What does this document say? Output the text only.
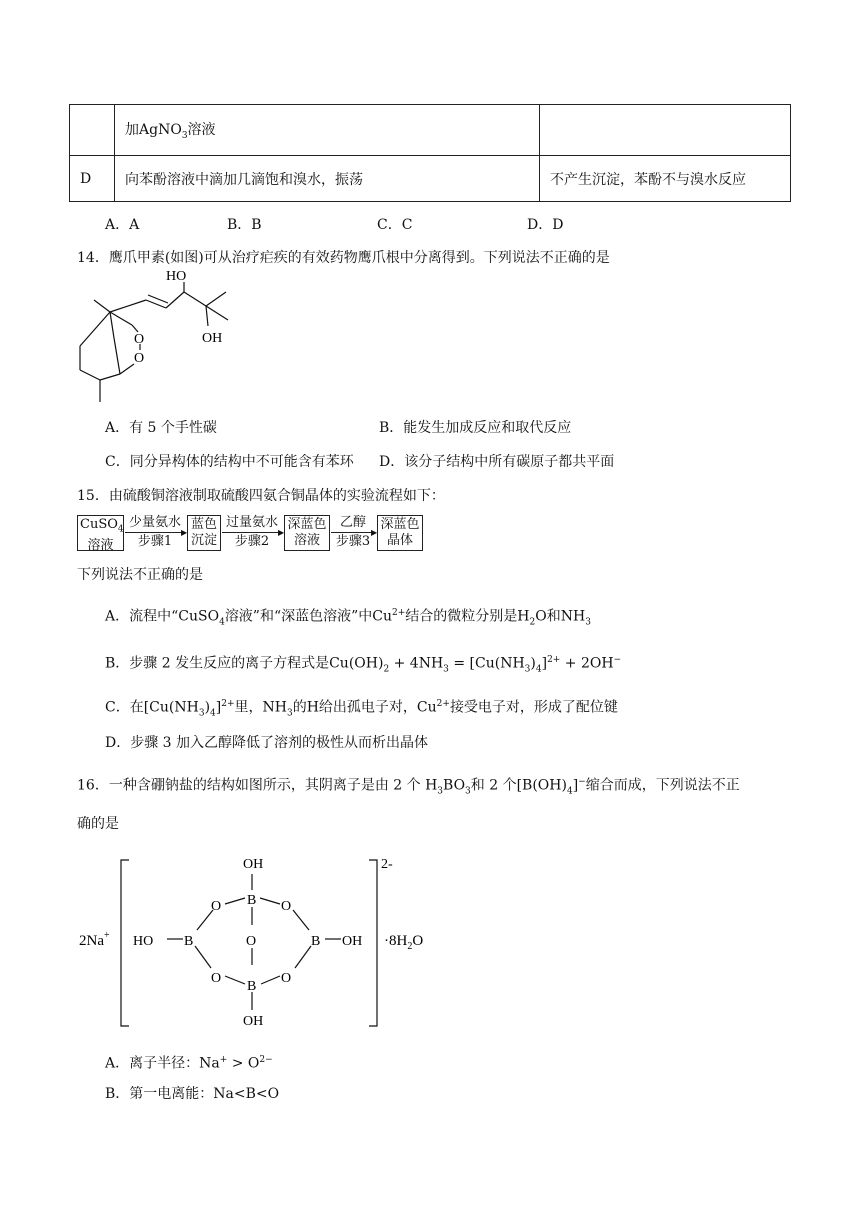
	加AgNO$_3$溶液	
D	向苯酚溶液中滴加几滴饱和溴水，振荡	不产生沉淀，苯酚不与溴水反应
A．A	B．B	C．C	D．D
14．鹰爪甲素(如图)可从治疗疟疾的有效药物鹰爪根中分离得到。下列说法不正确的是
HO
O
O
OH
A．有 5 个手性碳	B．能发生加成反应和取代反应
C．同分异构体的结构中不可能含有苯环 D．该分子结构中所有碳原子都共平面
15．由硫酸铜溶液制取硫酸四氨合铜晶体的实验流程如下：
CuSO$_4$
溶液
少量氨水
▶
步骤1
蓝色
沉淀
过量氨水
▶
步骤2
深蓝色
溶液
乙醇
▶
步骤3
深蓝色
晶体
下列说法不正确的是
A．流程中“CuSO$_4$溶液”和“深蓝色溶液”中$Cu^{2+}$结合的微粒分别是$H_2O$和$NH_3$
B．步骤 2 发生反应的离子方程式是$Cu(OH)_2 + 4NH_3 = [Cu(NH_3)_4]^{2+} + 2OH^-$
C．在$[Cu(NH_3)_4]^{2+}$里，$NH_3$的H给出孤电子对，$Cu^{2+}$接受电子对，形成了配位键
D．步骤 3 加入乙醇降低了溶剂的极性从而析出晶体
16．一种含硼钠盐的结构如图所示，其阴离子是由 2 个 $H_3BO_3$和 2 个$[B(OH)_4]^-$缩合而成，下列说法不正
确的是
2Na+
OH
B
O	O
HO B	O	B OH
O	O
B
OH
2-
$\cdot 8H_2O$
A．离子半径：$Na^+ > O^{2-}$
B．第一电离能：Na<B<O
